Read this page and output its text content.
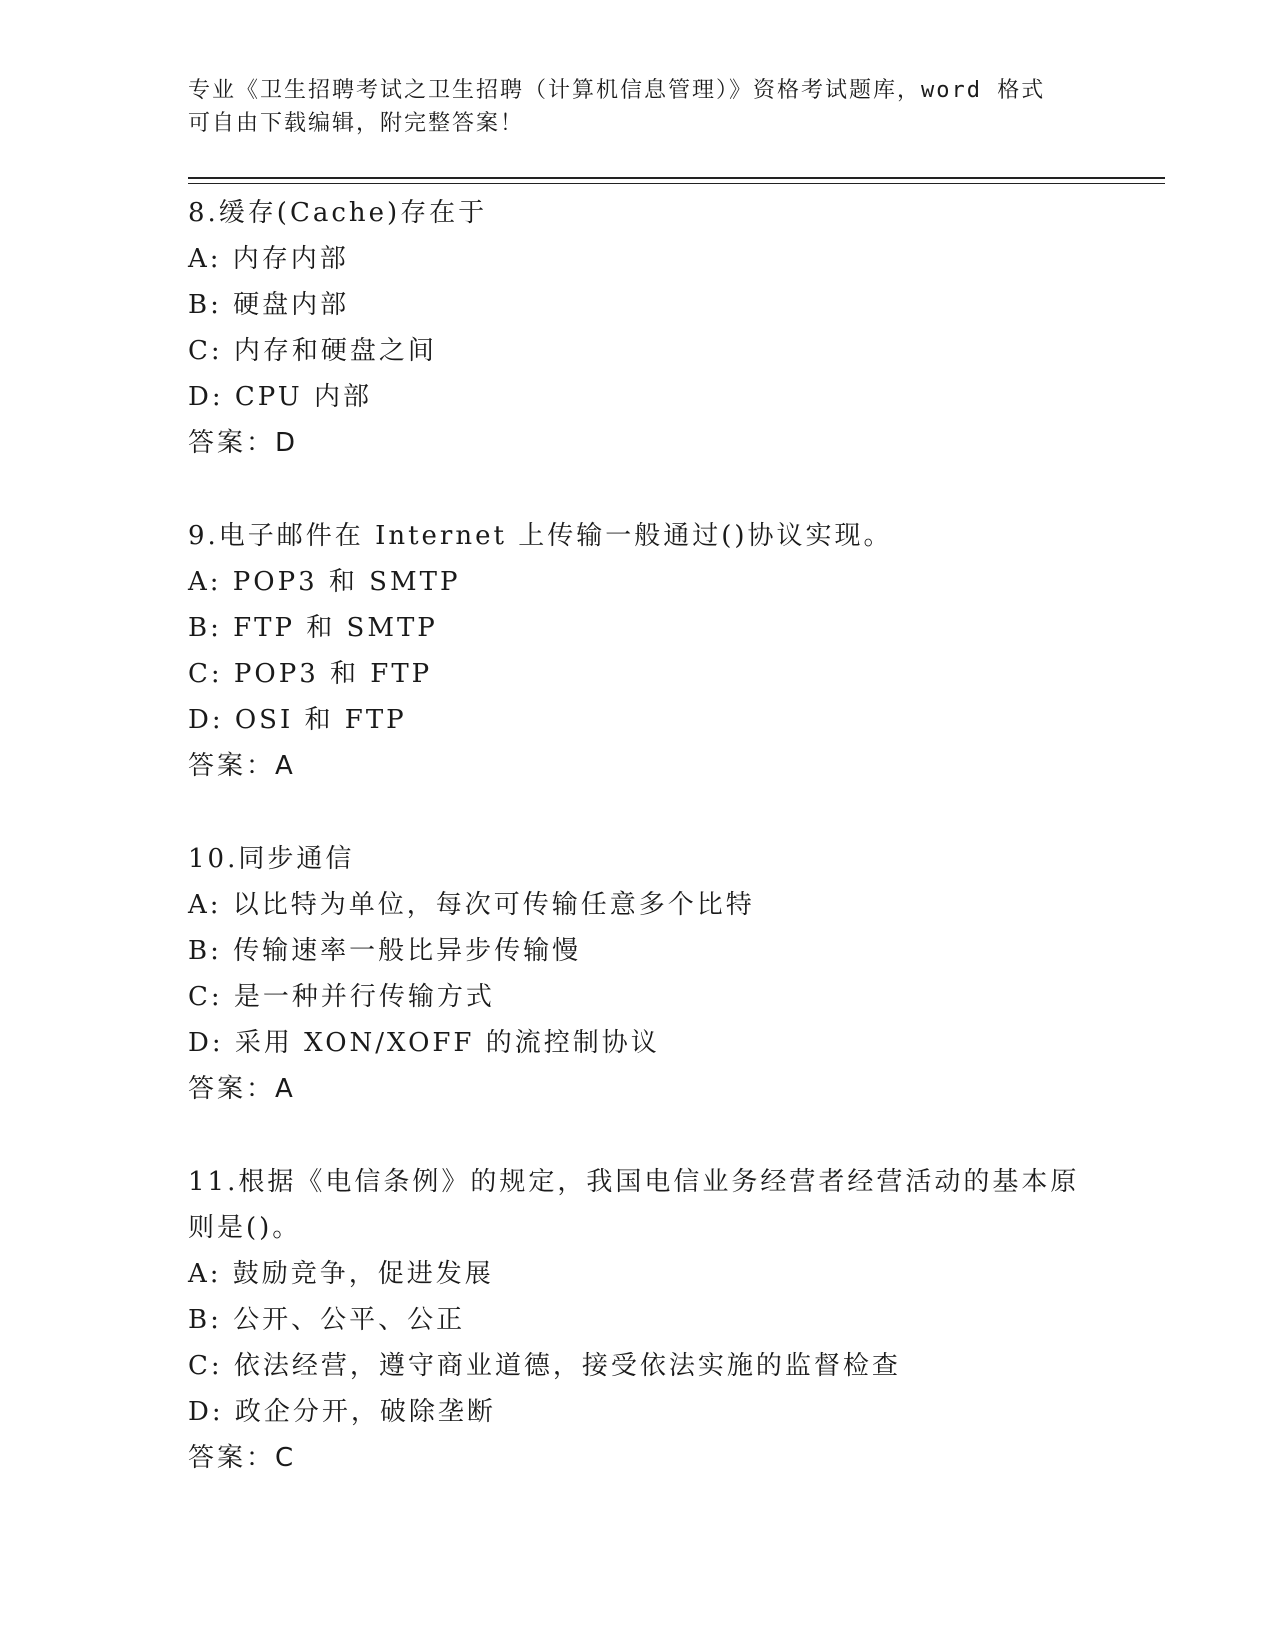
专业《卫生招聘考试之卫生招聘（计算机信息管理）》资格考试题库，word 格式
可自由下载编辑，附完整答案！
8.缓存(Cache)存在于
A: 内存内部
B: 硬盘内部
C: 内存和硬盘之间
D: CPU 内部
答案：D
9.电子邮件在 Internet 上传输一般通过()协议实现。
A: POP3 和 SMTP
B: FTP 和 SMTP
C: POP3 和 FTP
D: OSI 和 FTP
答案：A
10.同步通信
A: 以比特为单位，每次可传输任意多个比特
B: 传输速率一般比异步传输慢
C: 是一种并行传输方式
D: 采用 XON/XOFF 的流控制协议
答案：A
11.根据《电信条例》的规定，我国电信业务经营者经营活动的基本原则是()。
A: 鼓励竞争，促进发展
B: 公开、公平、公正
C: 依法经营，遵守商业道德，接受依法实施的监督检查
D: 政企分开，破除垄断
答案：C
